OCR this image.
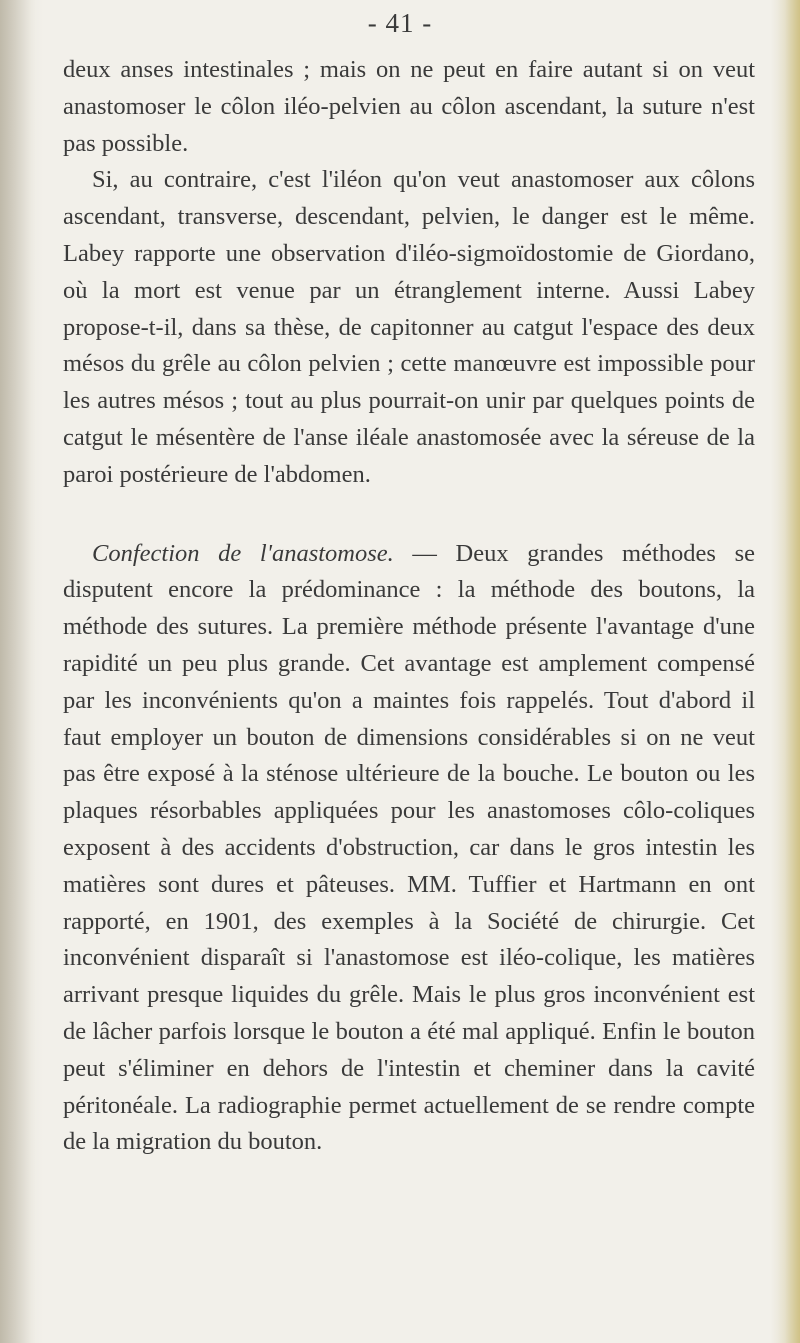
- 41 -

deux anses intestinales ; mais on ne peut en faire autant si on veut anastomoser le côlon iléo-pelvien au côlon ascendant, la suture n'est pas possible.

Si, au contraire, c'est l'iléon qu'on veut anastomoser aux côlons ascendant, transverse, descendant, pelvien, le danger est le même. Labey rapporte une observation d'iléo-sigmoïdostomie de Giordano, où la mort est venue par un étranglement interne. Aussi Labey propose-t-il, dans sa thèse, de capitonner au catgut l'espace des deux mésos du grêle au côlon pelvien ; cette manœuvre est impossible pour les autres mésos ; tout au plus pourrait-on unir par quelques points de catgut le mésentère de l'anse iléale anastomosée avec la séreuse de la paroi postérieure de l'abdomen.

Confection de l'anastomose. — Deux grandes méthodes se disputent encore la prédominance : la méthode des boutons, la méthode des sutures. La première méthode présente l'avantage d'une rapidité un peu plus grande. Cet avantage est amplement compensé par les inconvénients qu'on a maintes fois rappelés. Tout d'abord il faut employer un bouton de dimensions considérables si on ne veut pas être exposé à la sténose ultérieure de la bouche. Le bouton ou les plaques résorbables appliquées pour les anastomoses côlo-coliques exposent à des accidents d'obstruction, car dans le gros intestin les matières sont dures et pâteuses. MM. Tuffier et Hartmann en ont rapporté, en 1901, des exemples à la Société de chirurgie. Cet inconvénient disparaît si l'anastomose est iléo-colique, les matières arrivant presque liquides du grêle. Mais le plus gros inconvénient est de lâcher parfois lorsque le bouton a été mal appliqué. Enfin le bouton peut s'éliminer en dehors de l'intestin et cheminer dans la cavité péritonéale. La radiographie permet actuellement de se rendre compte de la migration du bouton.
